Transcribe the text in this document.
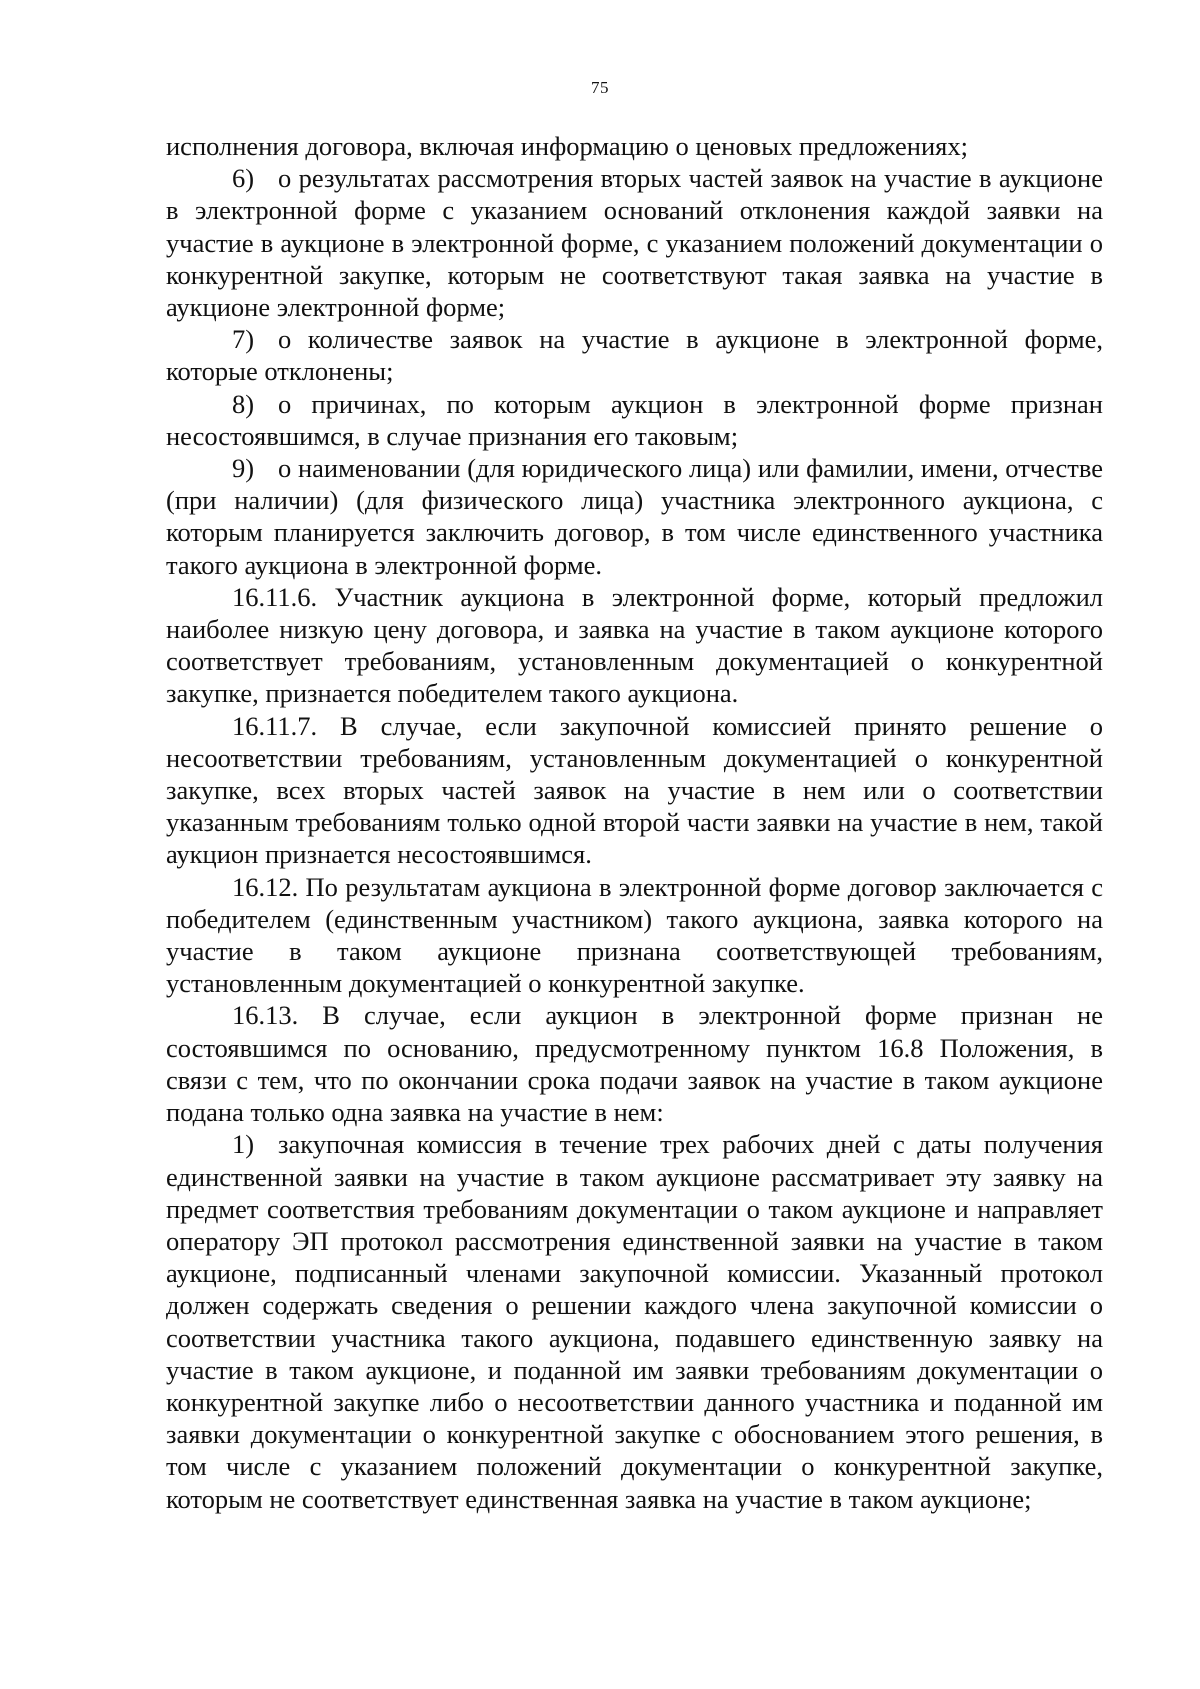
75

исполнения договора, включая информацию о ценовых предложениях;

6) о результатах рассмотрения вторых частей заявок на участие в аукционе в электронной форме с указанием оснований отклонения каждой заявки на участие в аукционе в электронной форме, с указанием положений документации о конкурентной закупке, которым не соответствуют такая заявка на участие в аукционе электронной форме;

7) о количестве заявок на участие в аукционе в электронной форме, которые отклонены;

8) о причинах, по которым аукцион в электронной форме признан несостоявшимся, в случае признания его таковым;

9) о наименовании (для юридического лица) или фамилии, имени, отчестве (при наличии) (для физического лица) участника электронного аукциона, с которым планируется заключить договор, в том числе единственного участника такого аукциона в электронной форме.

16.11.6. Участник аукциона в электронной форме, который предложил наиболее низкую цену договора, и заявка на участие в таком аукционе которого соответствует требованиям, установленным документацией о конкурентной закупке, признается победителем такого аукциона.

16.11.7. В случае, если закупочной комиссией принято решение о несоответствии требованиям, установленным документацией о конкурентной закупке, всех вторых частей заявок на участие в нем или о соответствии указанным требованиям только одной второй части заявки на участие в нем, такой аукцион признается несостоявшимся.

16.12. По результатам аукциона в электронной форме договор заключается с победителем (единственным участником) такого аукциона, заявка которого на участие в таком аукционе признана соответствующей требованиям, установленным документацией о конкурентной закупке.

16.13. В случае, если аукцион в электронной форме признан не состоявшимся по основанию, предусмотренному пунктом 16.8 Положения, в связи с тем, что по окончании срока подачи заявок на участие в таком аукционе подана только одна заявка на участие в нем:

1) закупочная комиссия в течение трех рабочих дней с даты получения единственной заявки на участие в таком аукционе рассматривает эту заявку на предмет соответствия требованиям документации о таком аукционе и направляет оператору ЭП протокол рассмотрения единственной заявки на участие в таком аукционе, подписанный членами закупочной комиссии. Указанный протокол должен содержать сведения о решении каждого члена закупочной комиссии о соответствии участника такого аукциона, подавшего единственную заявку на участие в таком аукционе, и поданной им заявки требованиям документации о конкурентной закупке либо о несоответствии данного участника и поданной им заявки документации о конкурентной закупке с обоснованием этого решения, в том числе с указанием положений документации о конкурентной закупке, которым не соответствует единственная заявка на участие в таком аукционе;
